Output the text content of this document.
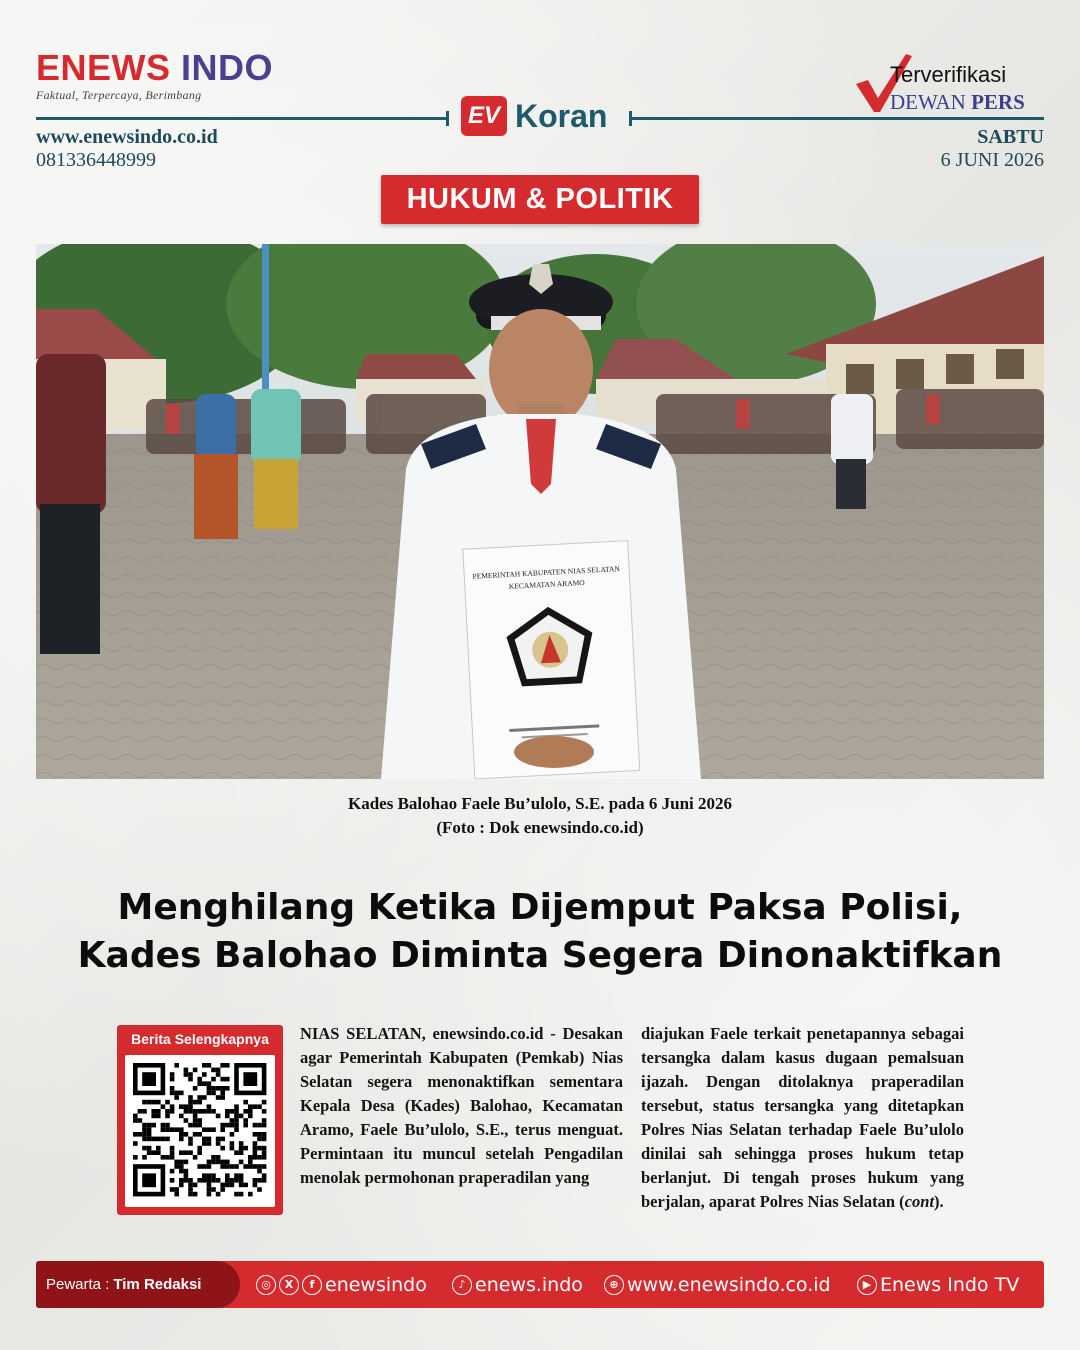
ENEWS INDO
Faktual, Terpercaya, Berimbang
Terverifikasi
DEWAN PERS
EV Koran
www.enewsindo.co.id
081336448999
SABTU
6 JUNI 2026
HUKUM & POLITIK
PEMERINTAH KABUPATEN NIAS SELATAN
KECAMATAN ARAMO
Kades Balohao Faele Bu’ulolo, S.E. pada 6 Juni 2026
(Foto : Dok enewsindo.co.id)
Menghilang Ketika Dijemput Paksa Polisi,
Kades Balohao Diminta Segera Dinonaktifkan
Berita Selengkapnya	NIAS SELATAN, enewsindo.co.id - Desakan agar Pemerintah Kabupaten (Pemkab) Nias Selatan segera menonaktifkan sementara Kepala Desa (Kades) Balohao, Kecamatan Aramo, Faele Bu’ulolo, S.E., terus menguat. Permintaan itu muncul setelah Pengadilan menolak permohonan praperadilan yang
diajukan Faele terkait penetapannya sebagai tersangka dalam kasus dugaan pemalsuan ijazah. Dengan ditolaknya praperadilan tersebut, status tersangka yang ditetapkan Polres Nias Selatan terhadap Faele Bu’ulolo dinilai sah sehingga proses hukum tetap berlanjut. Di tengah proses hukum yang berjalan, aparat Polres Nias Selatan (cont).
Pewarta : Tim Redaksi	◎	X	f enewsindo	♪ enews.indo	⊕ www.enewsindo.co.id	▶ Enews Indo TV
